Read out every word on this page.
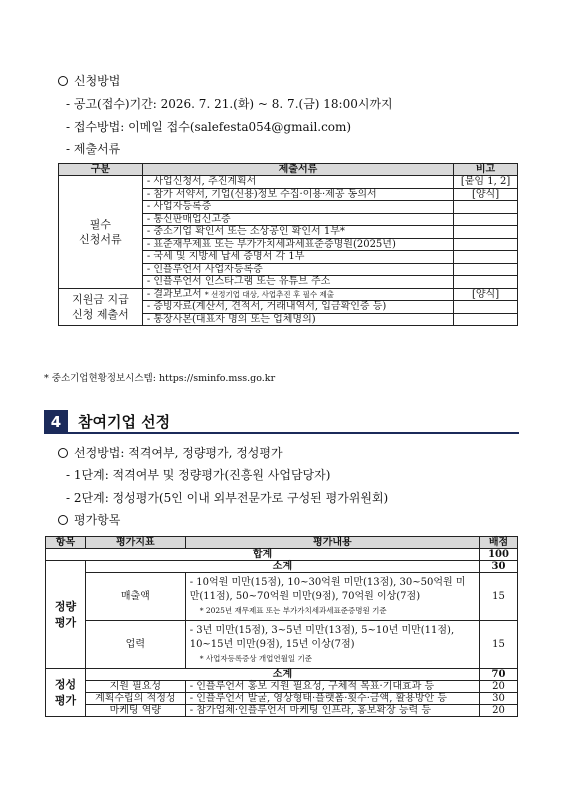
신청방법
- 공고(접수)기간: 2026. 7. 21.(화) ~ 8. 7.(금) 18:00시까지
- 접수방법: 이메일 접수(salefesta054@gmail.com)
- 제출서류
구분	제출서류	비고
필수
신청서류	- 사업신청서, 추진계획서	[붙임 1, 2]
	- 참가 서약서, 기업(신용)정보 수집·이용·제공 동의서	[양식]
	- 사업자등록증	
	- 통신판매업신고증	
	- 중소기업 확인서 또는 소상공인 확인서 1부*	
	- 표준재무제표 또는 부가가치세과세표준증명원(2025년)	
	- 국세 및 지방세 납세 증명서 각 1부	
	- 인플루언서 사업자등록증	
	- 인플루언서 인스타그램 또는 유튜브 주소	
지원금 지급
신청 제출서	- 결과보고서 * 선정기업 대상, 사업추진 후 필수 제출	[양식]
	- 증빙자료(계산서, 견적서, 거래내역서, 입금확인증 등)	
	- 통장사본(대표자 명의 또는 업체명의)	
* 중소기업현황정보시스템: https://sminfo.mss.go.kr
4	참여기업 선정
선정방법: 적격여부, 정량평가, 정성평가
- 1단계: 적격여부 및 정량평가(진흥원 사업담당자)
- 2단계: 정성평가(5인 이내 외부전문가로 구성된 평가위원회)
평가항목
항목	평가지표	평가내용	배점
합계			100
정량
평가	소계		30
	매출액	- 10억원 미만(15점), 10~30억원 미만(13점), 30~50억원 미만(11점), 50~70억원 미만(9점), 70억원 이상(7점)
* 2025년 재무제표 또는 부가가치세과세표준증명원 기준	15
	업력	- 3년 미만(15점), 3~5년 미만(13점), 5~10년 미만(11점), 10~15년 미만(9점), 15년 이상(7점)
* 사업자등록증상 개업연월일 기준	15
정성
평가	소계		70
	지원 필요성	- 인플루언서 홍보 지원 필요성, 구체적 목표·기대효과 등	20
	계획수립의 적정성	- 인플루언서 발굴, 영상형태·플랫폼·횟수·금액, 활용방안 등	30
	마케팅 역량	- 참가업체·인플루언서 마케팅 인프라, 홍보확장 능력 등	20
